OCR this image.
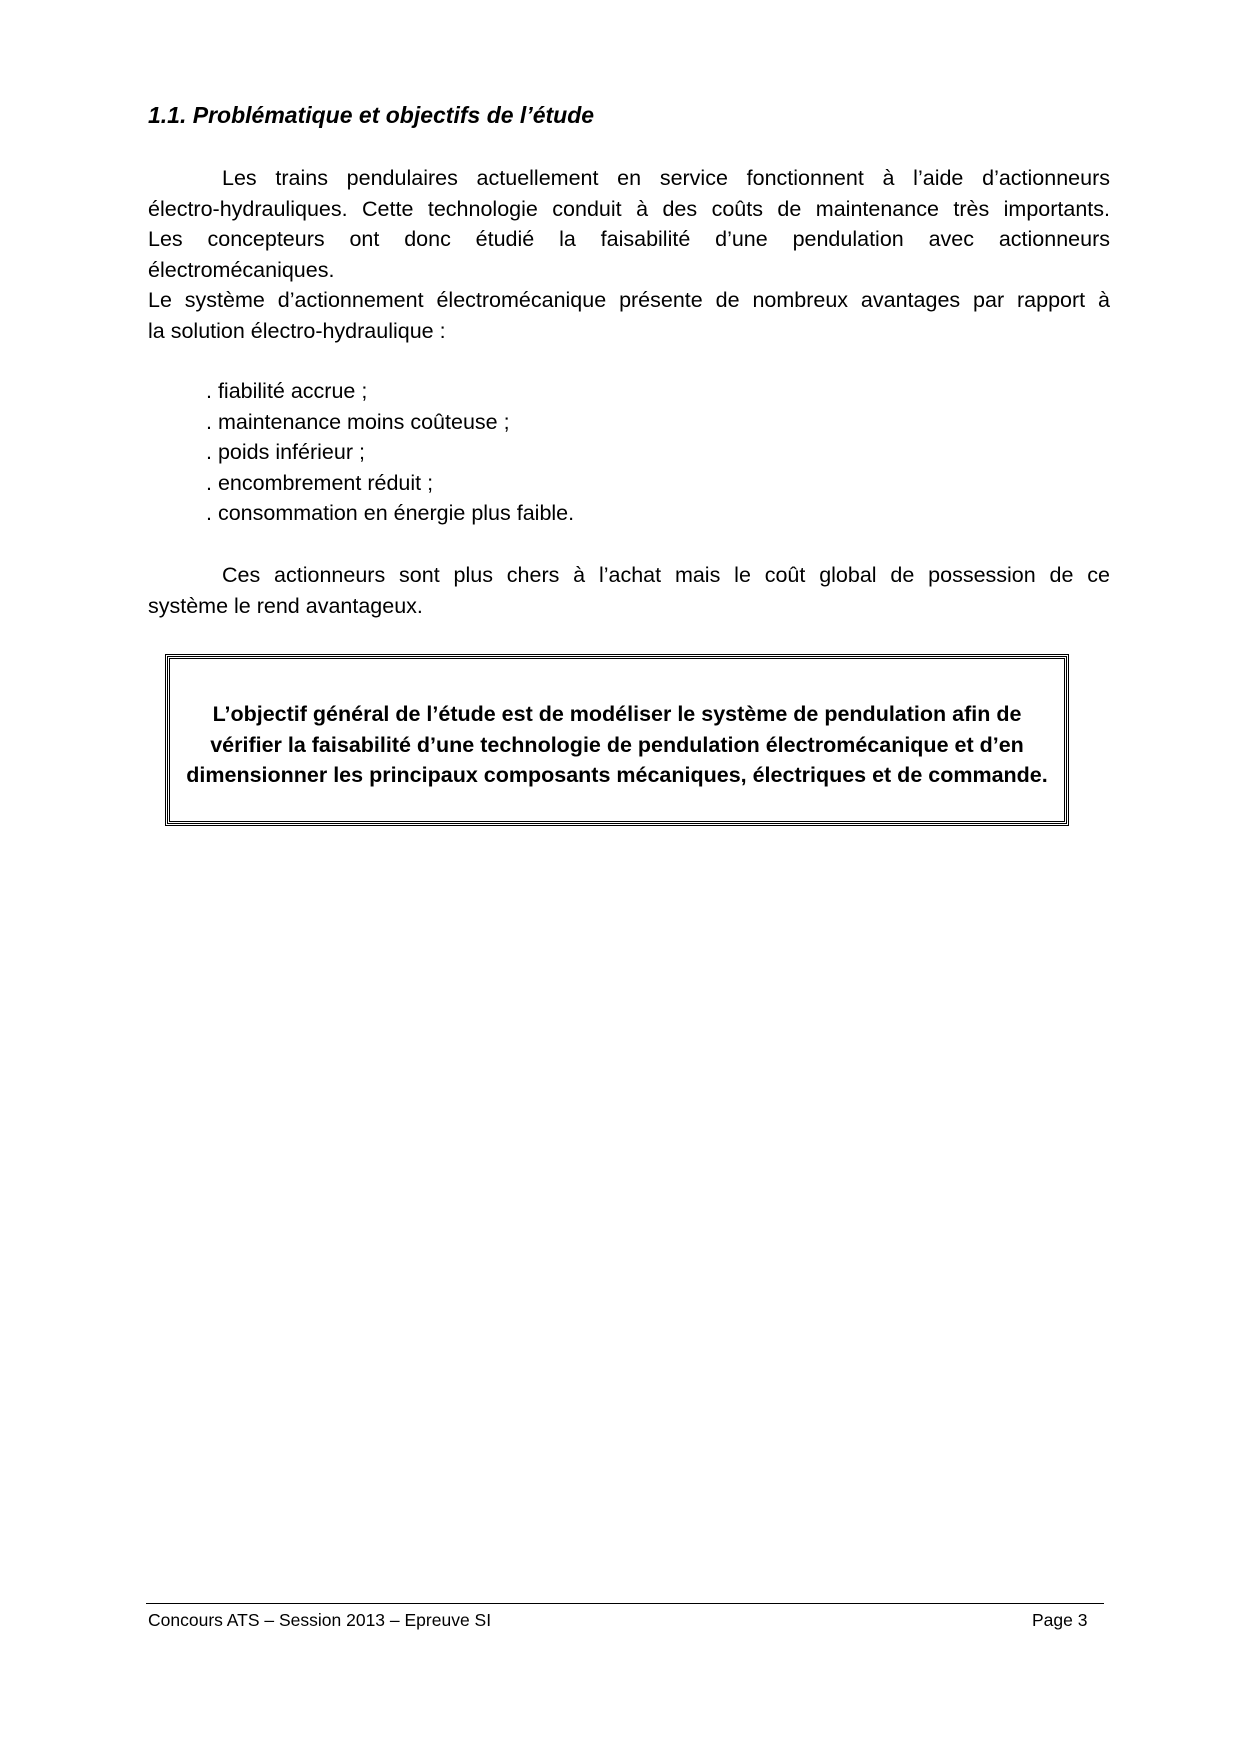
1.1. Problématique et objectifs de l’étude

Les trains pendulaires actuellement en service fonctionnent à l’aide d’actionneurs
électro-hydrauliques. Cette technologie conduit à des coûts de maintenance très importants.
Les concepteurs ont donc étudié la faisabilité d’une pendulation avec actionneurs
électromécaniques.

Le système d’actionnement électromécanique présente de nombreux avantages par rapport à
la solution électro-hydraulique :

. fiabilité accrue ;
. maintenance moins coûteuse ;
. poids inférieur ;
. encombrement réduit ;
. consommation en énergie plus faible.

Ces actionneurs sont plus chers à l’achat mais le coût global de possession de ce
système le rend avantageux.

L’objectif général de l’étude est de modéliser le système de pendulation afin de
vérifier la faisabilité d’une technologie de pendulation électromécanique et d’en
dimensionner les principaux composants mécaniques, électriques et de commande.

Concours ATS – Session 2013 – Epreuve SI	Page 3
